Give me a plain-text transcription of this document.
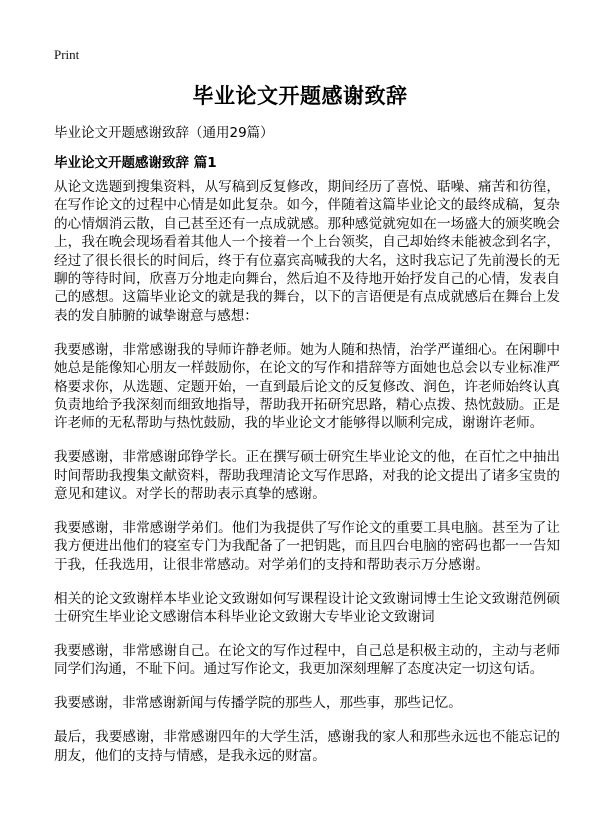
Print
毕业论文开题感谢致辞
毕业论文开题感谢致辞（通用29篇）
毕业论文开题感谢致辞 篇1

从论文选题到搜集资料，从写稿到反复修改，期间经历了喜悦、聒噪、痛苦和彷徨，在写作论文的过程中心情是如此复杂。如今，伴随着这篇毕业论文的最终成稿，复杂的心情烟消云散，自己甚至还有一点成就感。那种感觉就宛如在一场盛大的颁奖晚会上，我在晚会现场看着其他人一个接着一个上台领奖，自己却始终未能被念到名字，经过了很长很长的时间后，终于有位嘉宾高喊我的大名，这时我忘记了先前漫长的无聊的等待时间，欣喜万分地走向舞台，然后迫不及待地开始抒发自己的心情，发表自己的感想。这篇毕业论文的就是我的舞台，以下的言语便是有点成就感后在舞台上发表的发自肺腑的诚挚谢意与感想：

我要感谢，非常感谢我的导师许静老师。她为人随和热情，治学严谨细心。在闲聊中她总是能像知心朋友一样鼓励你，在论文的写作和措辞等方面她也总会以专业标准严格要求你，从选题、定题开始，一直到最后论文的反复修改、润色，许老师始终认真负责地给予我深刻而细致地指导，帮助我开拓研究思路，精心点拨、热忱鼓励。正是许老师的无私帮助与热忱鼓励，我的毕业论文才能够得以顺利完成，谢谢许老师。

我要感谢，非常感谢邱铮学长。正在撰写硕士研究生毕业论文的他，在百忙之中抽出时间帮助我搜集文献资料，帮助我理清论文写作思路，对我的论文提出了诸多宝贵的意见和建议。对学长的帮助表示真挚的感谢。

我要感谢，非常感谢学弟们。他们为我提供了写作论文的重要工具电脑。甚至为了让我方便进出他们的寝室专门为我配备了一把钥匙，而且四台电脑的密码也都一一告知于我，任我选用，让很非常感动。对学弟们的支持和帮助表示万分感谢。

相关的论文致谢样本毕业论文致谢如何写课程设计论文致谢词博士生论文致谢范例硕士研究生毕业论文感谢信本科毕业论文致谢大专毕业论文致谢词

我要感谢，非常感谢自己。在论文的写作过程中，自己总是积极主动的，主动与老师同学们沟通，不耻下问。通过写作论文，我更加深刻理解了态度决定一切这句话。

我要感谢，非常感谢新闻与传播学院的那些人，那些事，那些记忆。

最后，我要感谢，非常感谢四年的大学生活，感谢我的家人和那些永远也不能忘记的朋友，他们的支持与情感，是我永远的财富。
